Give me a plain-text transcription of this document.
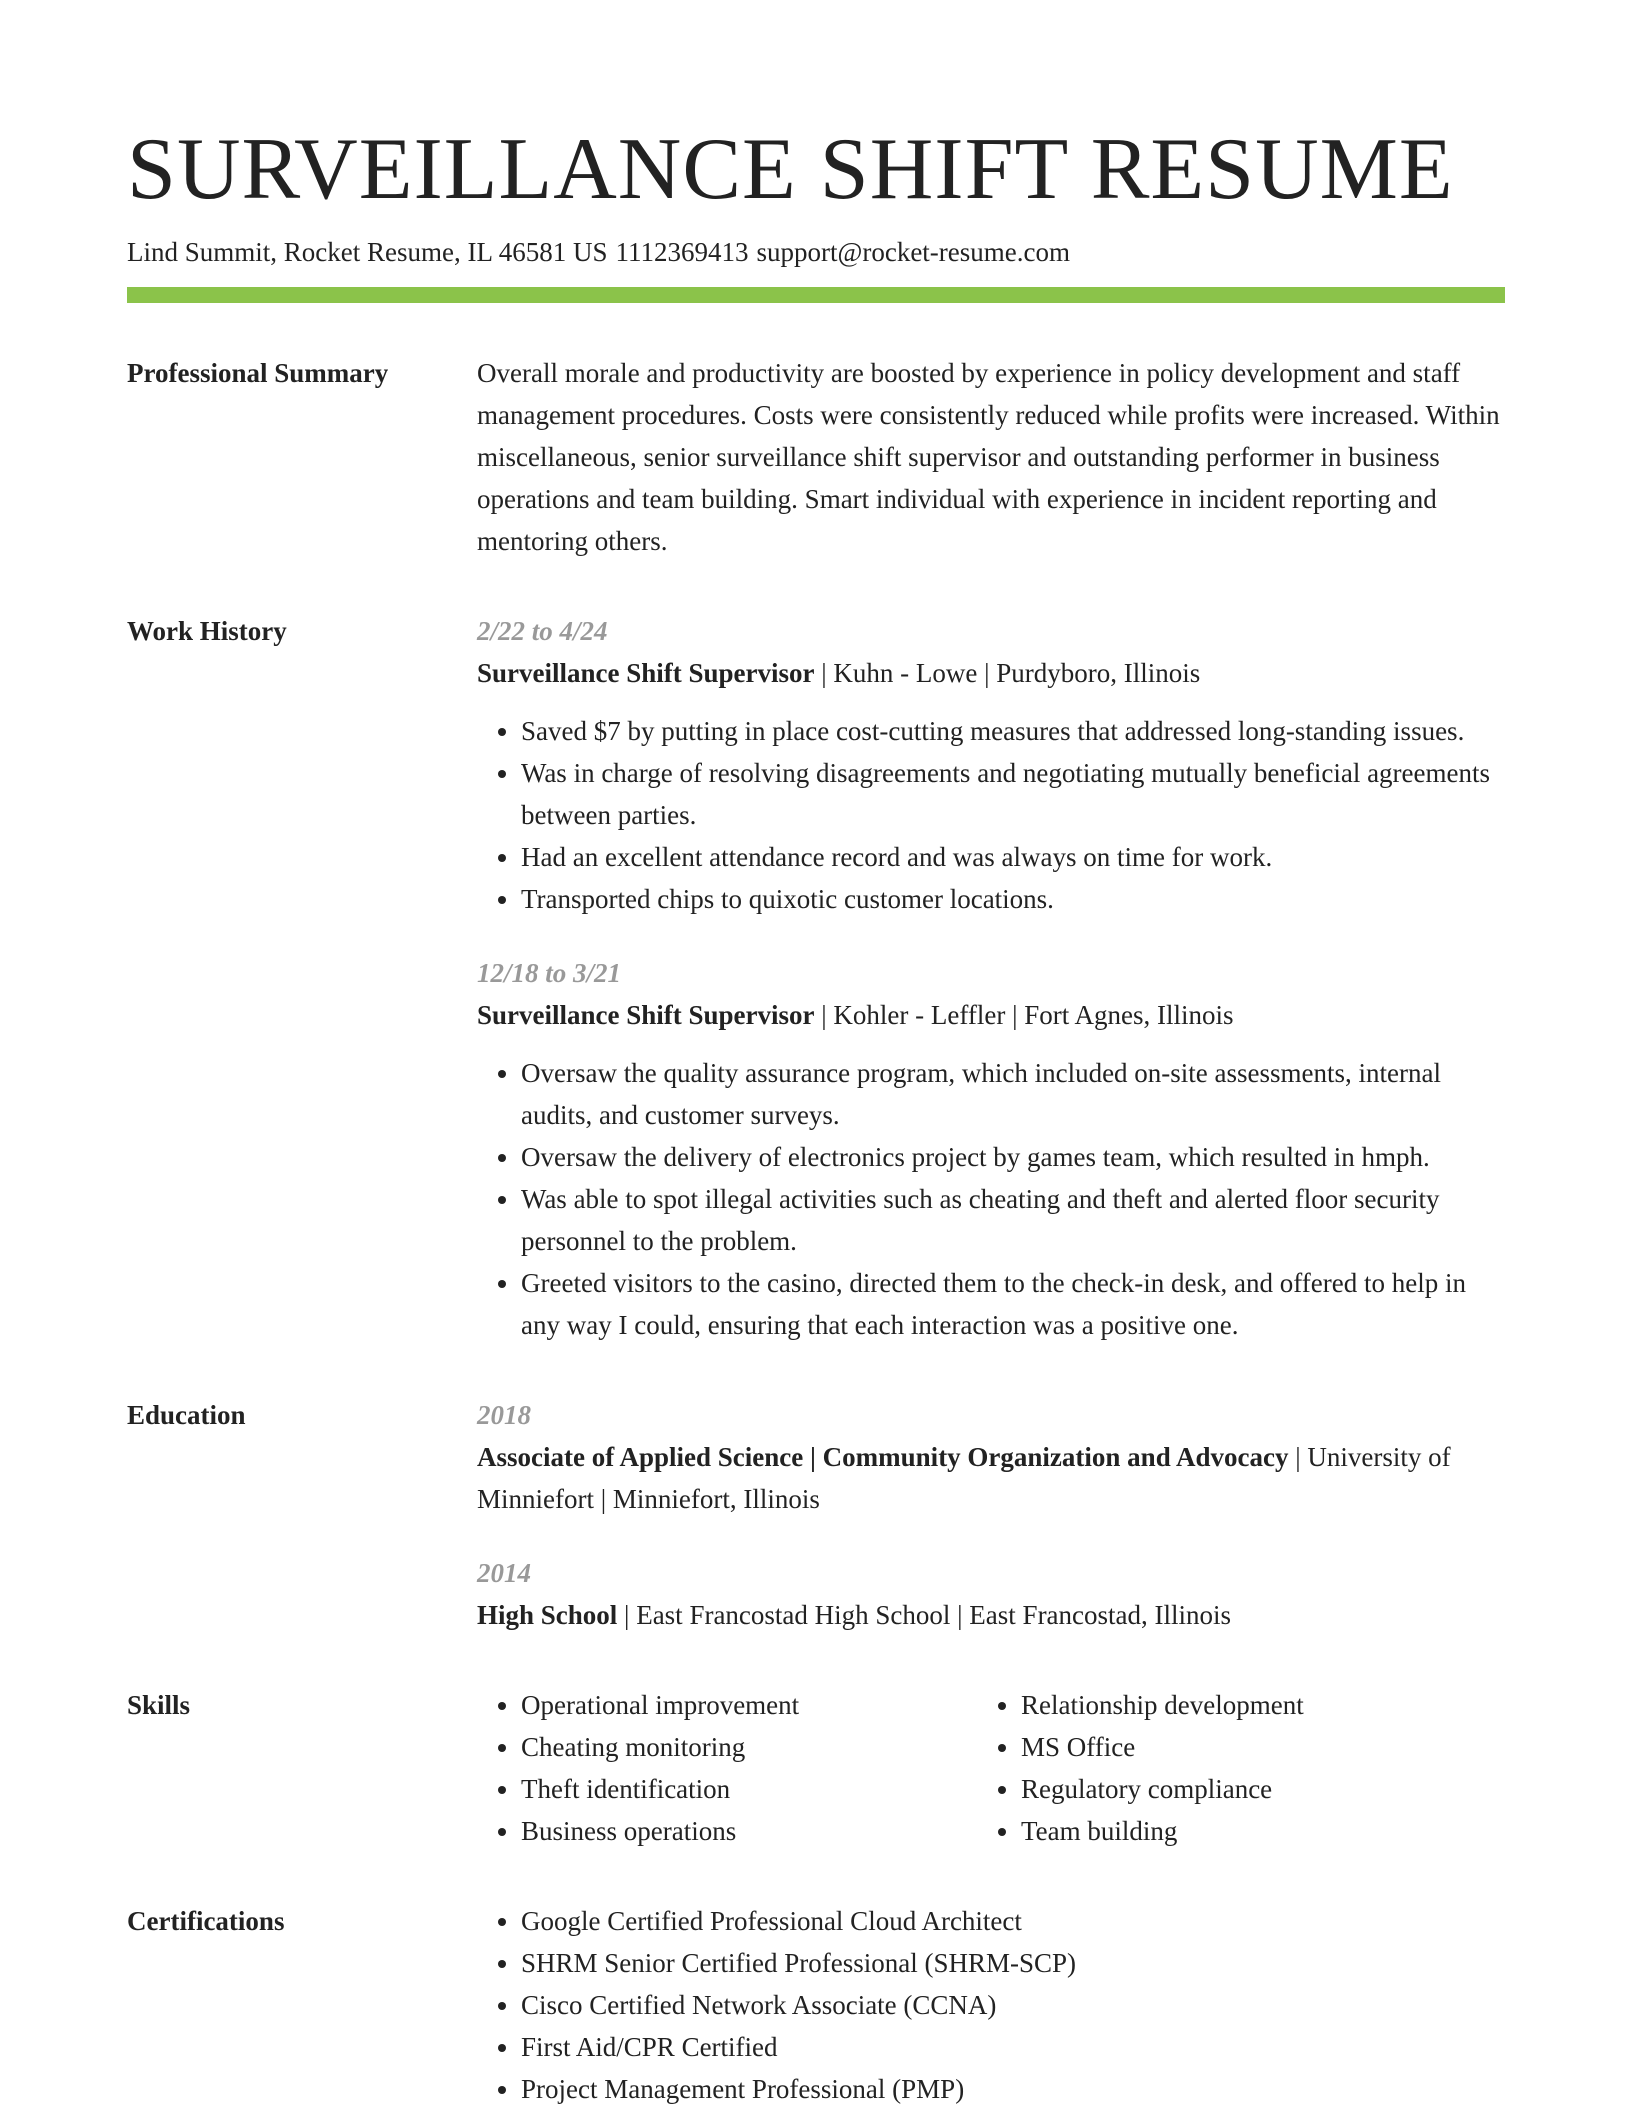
SURVEILLANCE SHIFT RESUME
Lind Summit, Rocket Resume, IL 46581 US 1112369413 support@rocket-resume.com
Professional Summary	Overall morale and productivity are boosted by experience in policy development and staff management procedures. Costs were consistently reduced while profits were increased. Within miscellaneous, senior surveillance shift supervisor and outstanding performer in business operations and team building. Smart individual with experience in incident reporting and mentoring others.

Work History	2/22 to 4/24
Surveillance Shift Supervisor | Kuhn - Lowe | Purdyboro, Illinois
• Saved $7 by putting in place cost-cutting measures that addressed long-standing issues.
• Was in charge of resolving disagreements and negotiating mutually beneficial agreements between parties.
• Had an excellent attendance record and was always on time for work.
• Transported chips to quixotic customer locations.
12/18 to 3/21
Surveillance Shift Supervisor | Kohler - Leffler | Fort Agnes, Illinois
• Oversaw the quality assurance program, which included on-site assessments, internal audits, and customer surveys.
• Oversaw the delivery of electronics project by games team, which resulted in hmph.
• Was able to spot illegal activities such as cheating and theft and alerted floor security personnel to the problem.
• Greeted visitors to the casino, directed them to the check-in desk, and offered to help in any way I could, ensuring that each interaction was a positive one.
Education	2018
Associate of Applied Science | Community Organization and Advocacy | University of Minniefort | Minniefort, Illinois
2014
High School | East Francostad High School | East Francostad, Illinois
Skills	• Operational improvement
• Cheating monitoring
• Theft identification
• Business operations
• Relationship development
• MS Office
• Regulatory compliance
• Team building
Certifications	• Google Certified Professional Cloud Architect
• SHRM Senior Certified Professional (SHRM-SCP)
• Cisco Certified Network Associate (CCNA)
• First Aid/CPR Certified
• Project Management Professional (PMP)
